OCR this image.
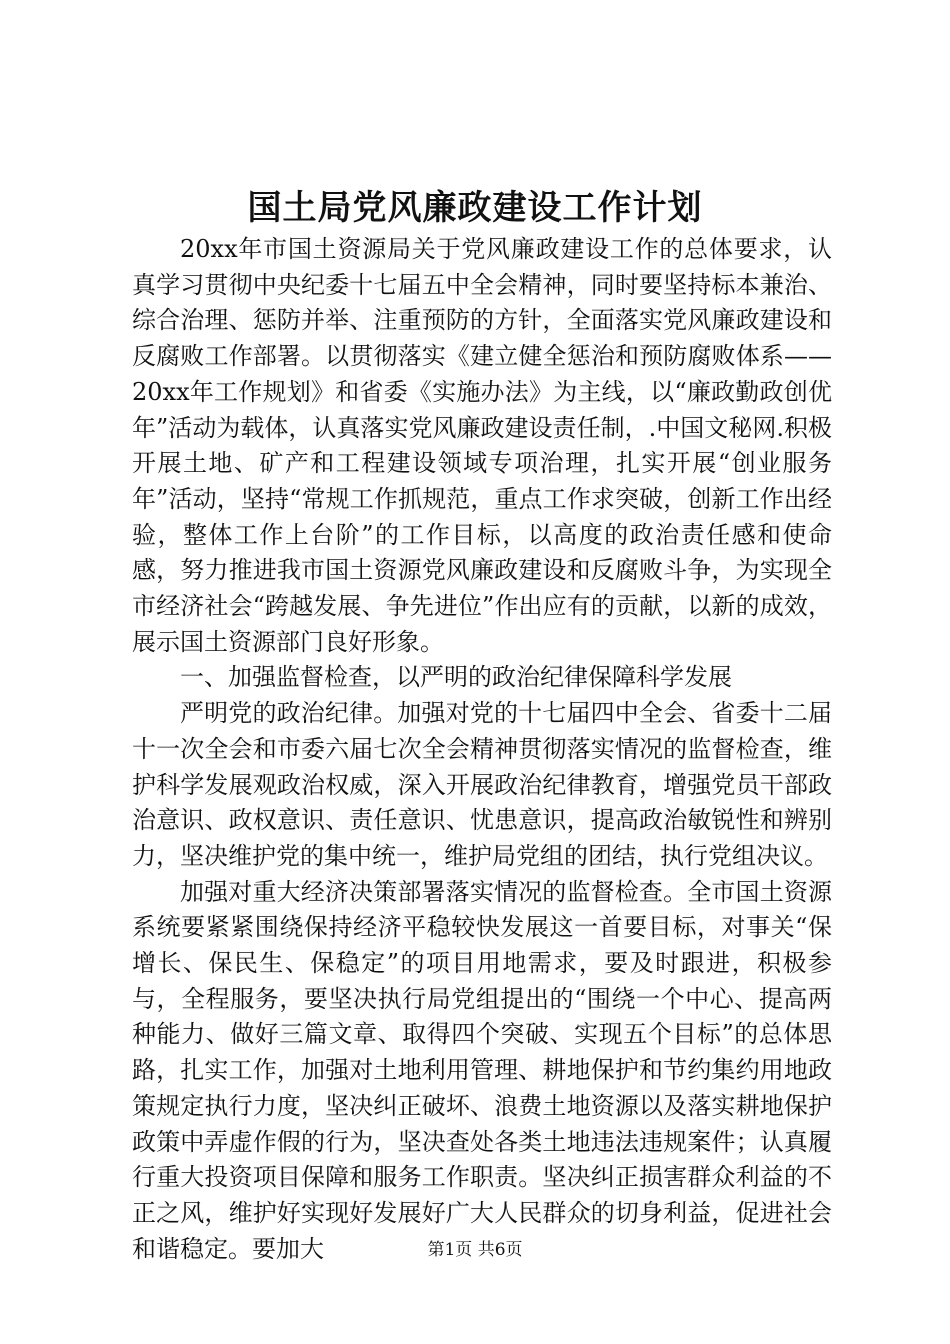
国土局党风廉政建设工作计划

20xx年市国土资源局关于党风廉政建设工作的总体要求，认真学习贯彻中央纪委十七届五中全会精神，同时要坚持标本兼治、综合治理、惩防并举、注重预防的方针，全面落实党风廉政建设和反腐败工作部署。以贯彻落实《建立健全惩治和预防腐败体系——20xx年工作规划》和省委《实施办法》为主线，以“廉政勤政创优年”活动为载体，认真落实党风廉政建设责任制，.中国文秘网.积极开展土地、矿产和工程建设领域专项治理，扎实开展“创业服务年”活动，坚持“常规工作抓规范，重点工作求突破，创新工作出经验，整体工作上台阶”的工作目标，以高度的政治责任感和使命感，努力推进我市国土资源党风廉政建设和反腐败斗争，为实现全市经济社会“跨越发展、争先进位”作出应有的贡献，以新的成效，展示国土资源部门良好形象。

一、加强监督检查，以严明的政治纪律保障科学发展

严明党的政治纪律。加强对党的十七届四中全会、省委十二届十一次全会和市委六届七次全会精神贯彻落实情况的监督检查，维护科学发展观政治权威，深入开展政治纪律教育，增强党员干部政治意识、政权意识、责任意识、忧患意识，提高政治敏锐性和辨别力，坚决维护党的集中统一，维护局党组的团结，执行党组决议。

加强对重大经济决策部署落实情况的监督检查。全市国土资源系统要紧紧围绕保持经济平稳较快发展这一首要目标，对事关“保增长、保民生、保稳定”的项目用地需求，要及时跟进，积极参与，全程服务，要坚决执行局党组提出的“围绕一个中心、提高两种能力、做好三篇文章、取得四个突破、实现五个目标”的总体思路，扎实工作，加强对土地利用管理、耕地保护和节约集约用地政策规定执行力度，坚决纠正破坏、浪费土地资源以及落实耕地保护政策中弄虚作假的行为，坚决查处各类土地违法违规案件；认真履行重大投资项目保障和服务工作职责。坚决纠正损害群众利益的不正之风，维护好实现好发展好广大人民群众的切身利益，促进社会和谐稳定。要加大	第1页 共6页
